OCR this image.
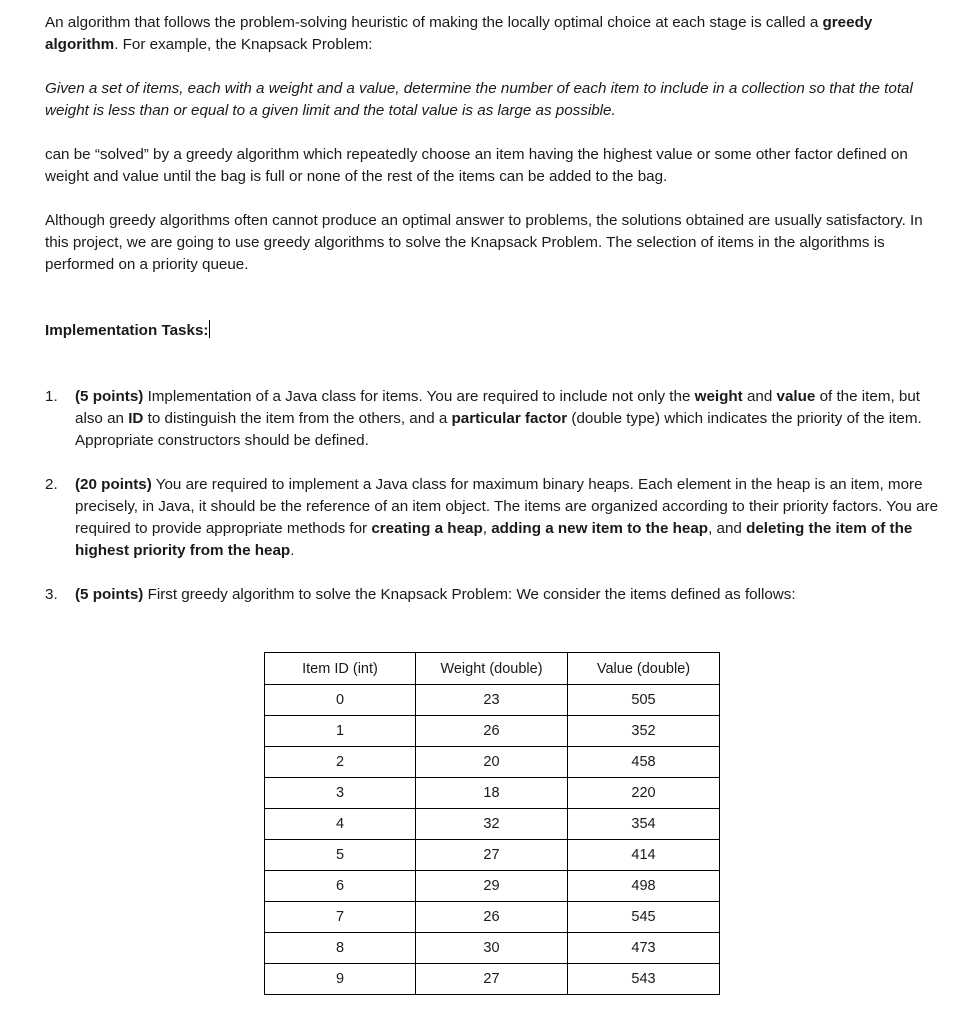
An algorithm that follows the problem-solving heuristic of making the locally optimal choice at each stage is called a greedy algorithm. For example, the Knapsack Problem:

Given a set of items, each with a weight and a value, determine the number of each item to include in a collection so that the total weight is less than or equal to a given limit and the total value is as large as possible.

can be “solved” by a greedy algorithm which repeatedly choose an item having the highest value or some other factor defined on weight and value until the bag is full or none of the rest of the items can be added to the bag.

Although greedy algorithms often cannot produce an optimal answer to problems, the solutions obtained are usually satisfactory. In this project, we are going to use greedy algorithms to solve the Knapsack Problem. The selection of items in the algorithms is performed on a priority queue.

Implementation Tasks:

1. (5 points) Implementation of a Java class for items. You are required to include not only the weight and value of the item, but also an ID to distinguish the item from the others, and a particular factor (double type) which indicates the priority of the item. Appropriate constructors should be defined.
2. (20 points) You are required to implement a Java class for maximum binary heaps. Each element in the heap is an item, more precisely, in Java, it should be the reference of an item object. The items are organized according to their priority factors. You are required to provide appropriate methods for creating a heap, adding a new item to the heap, and deleting the item of the highest priority from the heap.
3. (5 points) First greedy algorithm to solve the Knapsack Problem: We consider the items defined as follows:
Item ID (int)	Weight (double)	Value (double)
0	23	505
1	26	352
2	20	458
3	18	220
4	32	354
5	27	414
6	29	498
7	26	545
8	30	473
9	27	543
